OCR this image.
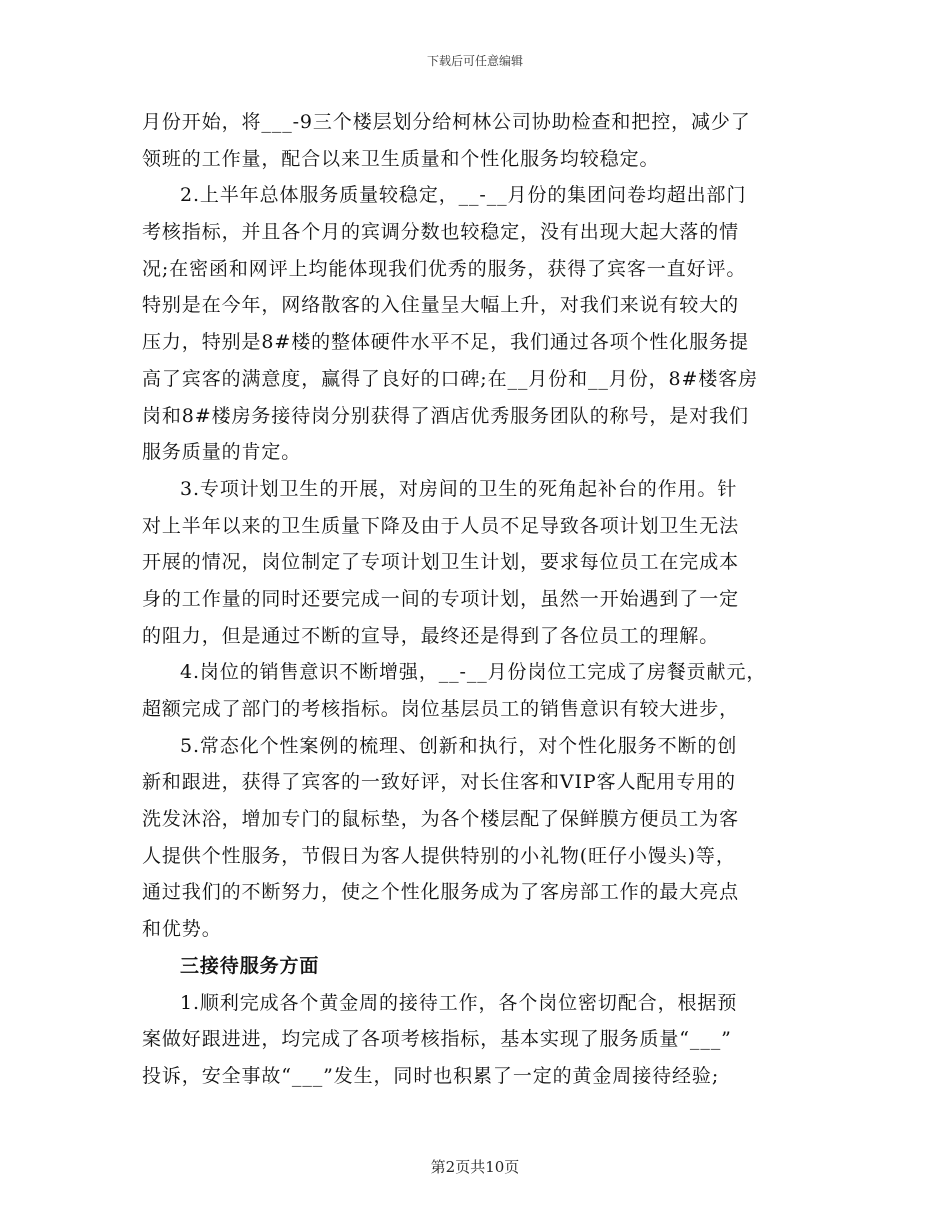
下载后可任意编辑
月份开始，将___-9三个楼层划分给柯林公司协助检查和把控，减少了
领班的工作量，配合以来卫生质量和个性化服务均较稳定。
2.上半年总体服务质量较稳定，__-__月份的集团问卷均超出部门
考核指标，并且各个月的宾调分数也较稳定，没有出现大起大落的情
况;在密函和网评上均能体现我们优秀的服务，获得了宾客一直好评。
特别是在今年，网络散客的入住量呈大幅上升，对我们来说有较大的
压力，特别是8#楼的整体硬件水平不足，我们通过各项个性化服务提
高了宾客的满意度，赢得了良好的口碑;在__月份和__月份，8#楼客房
岗和8#楼房务接待岗分别获得了酒店优秀服务团队的称号，是对我们
服务质量的肯定。
3.专项计划卫生的开展，对房间的卫生的死角起补台的作用。针
对上半年以来的卫生质量下降及由于人员不足导致各项计划卫生无法
开展的情况，岗位制定了专项计划卫生计划，要求每位员工在完成本
身的工作量的同时还要完成一间的专项计划，虽然一开始遇到了一定
的阻力，但是通过不断的宣导，最终还是得到了各位员工的理解。
4.岗位的销售意识不断增强，__-__月份岗位工完成了房餐贡献元，
超额完成了部门的考核指标。岗位基层员工的销售意识有较大进步，
5.常态化个性案例的梳理、创新和执行，对个性化服务不断的创
新和跟进，获得了宾客的一致好评，对长住客和VIP客人配用专用的
洗发沐浴，增加专门的鼠标垫，为各个楼层配了保鲜膜方便员工为客
人提供个性服务，节假日为客人提供特别的小礼物(旺仔小馒头)等，
通过我们的不断努力，使之个性化服务成为了客房部工作的最大亮点
和优势。
三接待服务方面
1.顺利完成各个黄金周的接待工作，各个岗位密切配合，根据预
案做好跟进进，均完成了各项考核指标，基本实现了服务质量“___”
投诉，安全事故“___”发生，同时也积累了一定的黄金周接待经验;
第2页共10页
